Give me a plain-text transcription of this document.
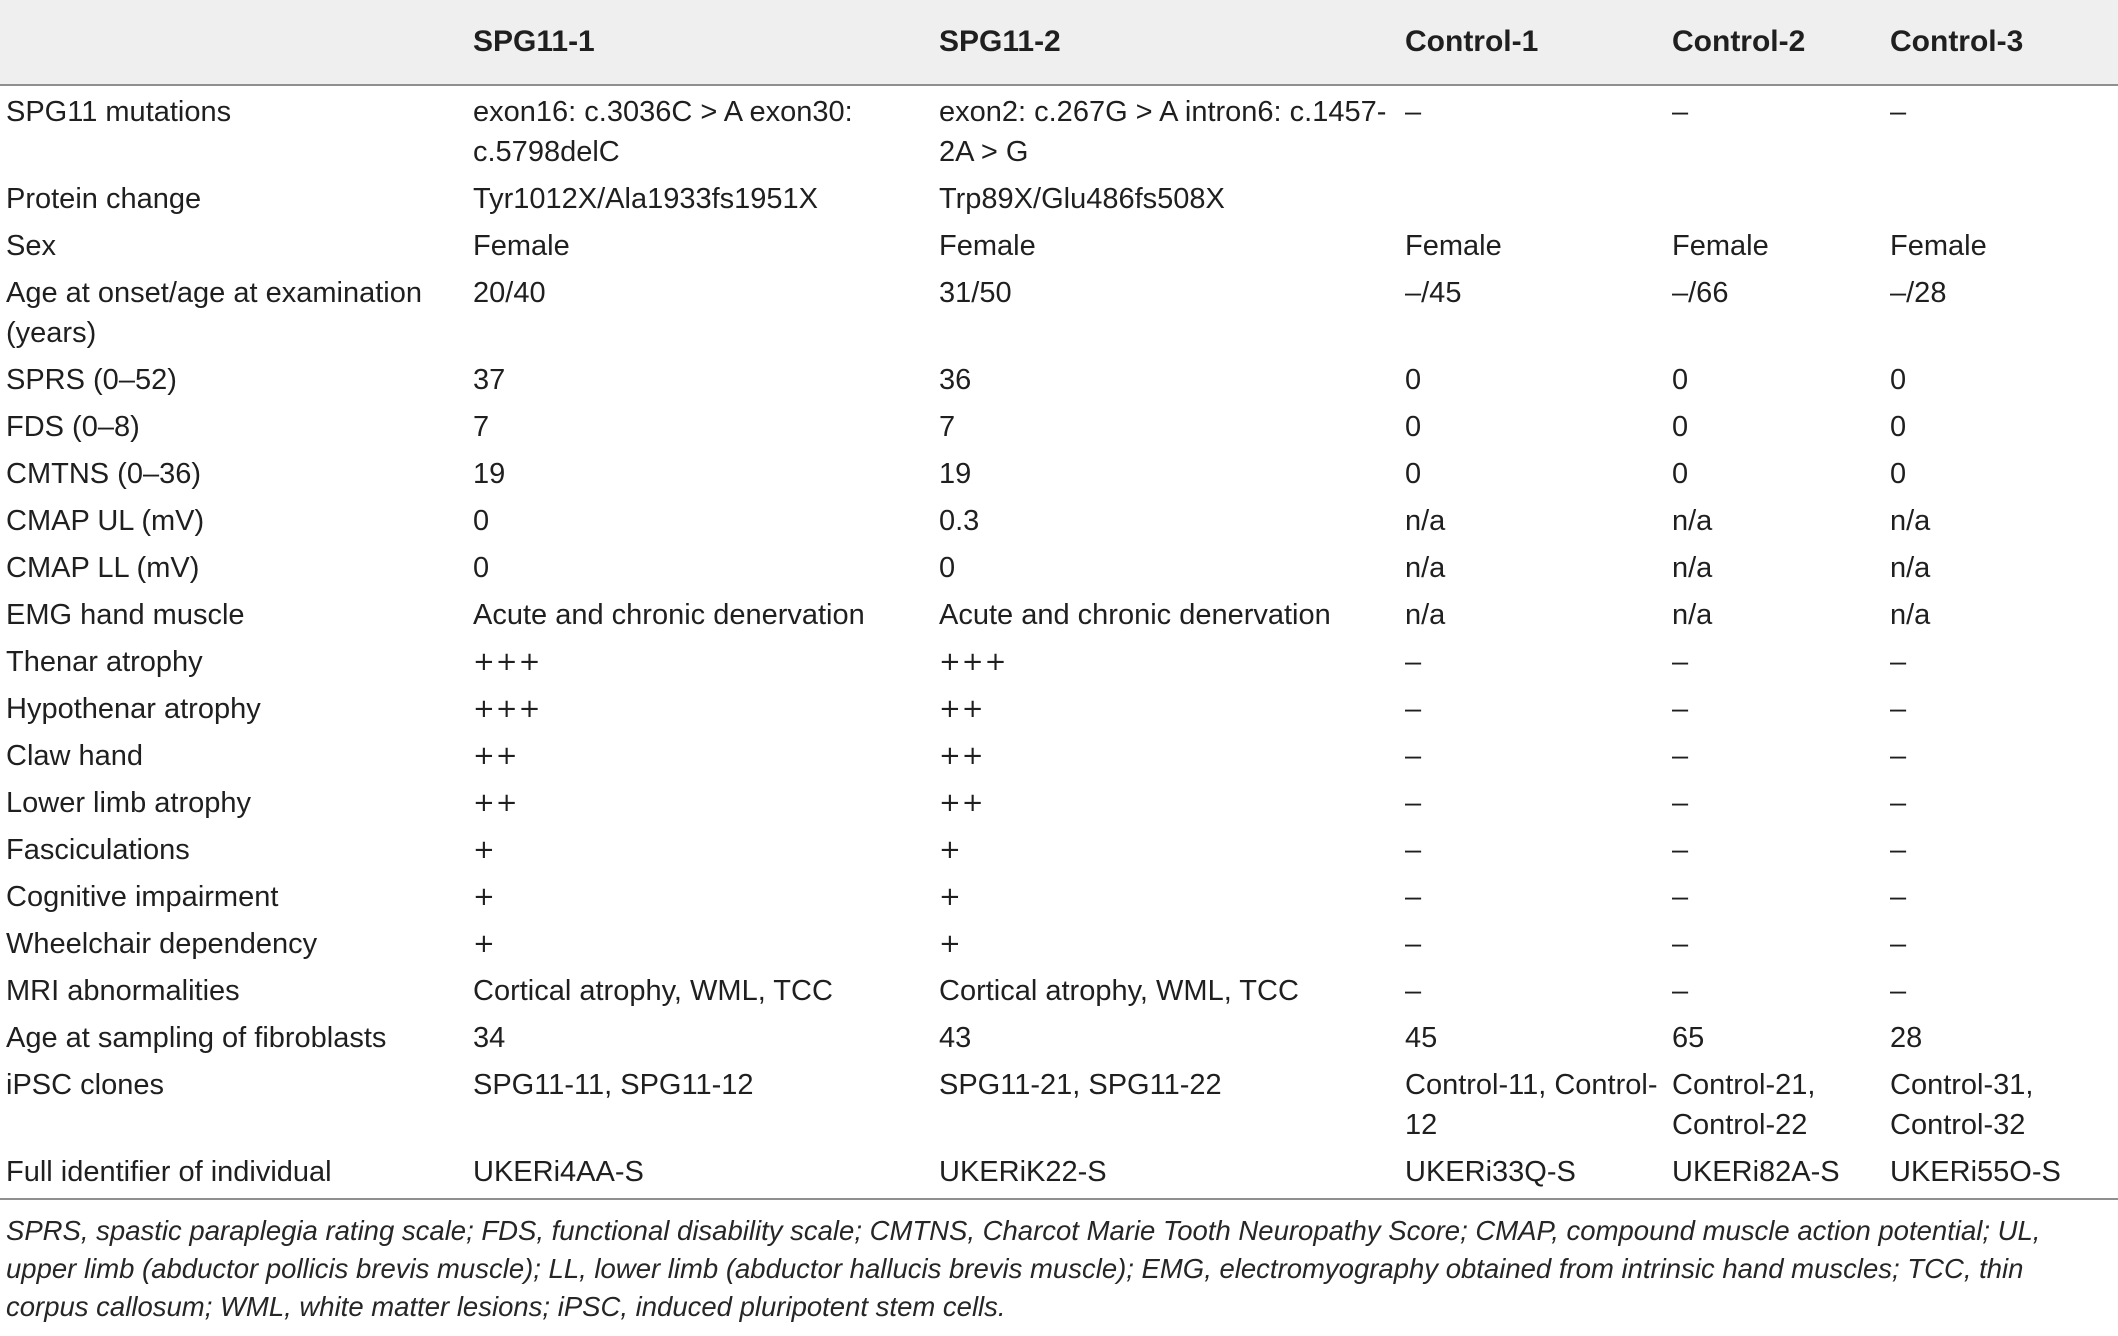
	SPG11-1	SPG11-2	Control-1	Control-2	Control-3
SPG11 mutations	exon16: c.3036C > A exon30: c.5798delC	exon2: c.267G > A intron6: c.1457-2A > G	–	–	–
Protein change	Tyr1012X/Ala1933fs1951X	Trp89X/Glu486fs508X			
Sex	Female	Female	Female	Female	Female
Age at onset/age at examination (years)	20/40	31/50	–/45	–/66	–/28
SPRS (0–52)	37	36	0	0	0
FDS (0–8)	7	7	0	0	0
CMTNS (0–36)	19	19	0	0	0
CMAP UL (mV)	0	0.3	n/a	n/a	n/a
CMAP LL (mV)	0	0	n/a	n/a	n/a
EMG hand muscle	Acute and chronic denervation	Acute and chronic denervation	n/a	n/a	n/a
Thenar atrophy	+++	+++	–	–	–
Hypothenar atrophy	+++	++	–	–	–
Claw hand	++	++	–	–	–
Lower limb atrophy	++	++	–	–	–
Fasciculations	+	+	–	–	–
Cognitive impairment	+	+	–	–	–
Wheelchair dependency	+	+	–	–	–
MRI abnormalities	Cortical atrophy, WML, TCC	Cortical atrophy, WML, TCC	–	–	–
Age at sampling of fibroblasts	34	43	45	65	28
iPSC clones	SPG11-11, SPG11-12	SPG11-21, SPG11-22	Control-11, Control-12	Control-21, Control-22	Control-31, Control-32
Full identifier of individual	UKERi4AA-S	UKERiK22-S	UKERi33Q-S	UKERi82A-S	UKERi55O-S
SPRS, spastic paraplegia rating scale; FDS, functional disability scale; CMTNS, Charcot Marie Tooth Neuropathy Score; CMAP, compound muscle action potential; UL, upper limb (abductor pollicis brevis muscle); LL, lower limb (abductor hallucis brevis muscle); EMG, electromyography obtained from intrinsic hand muscles; TCC, thin corpus callosum; WML, white matter lesions; iPSC, induced pluripotent stem cells.
